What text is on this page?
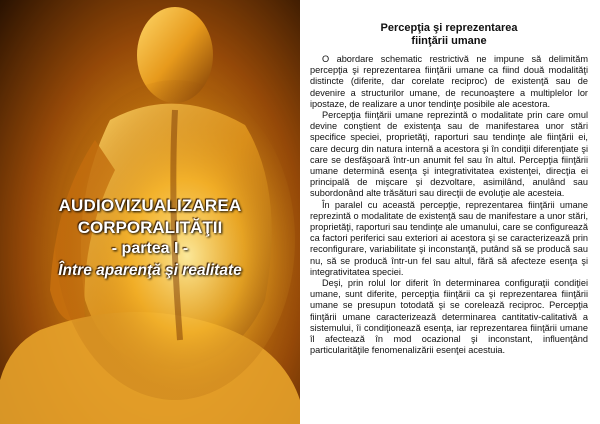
AUDIOVIZUALIZAREA
CORPORALITĂŢII
- partea I -
Între aparenţă şi realitate
Percepţia şi reprezentarea
fiinţării umane

O abordare schematic restrictivă ne impune să delimităm percepţia şi reprezentarea fiinţării umane ca fiind două modalităţi distincte (diferite, dar corelate reciproc) de existenţă sau de devenire a structurilor umane, de recunoaştere a multiplelor lor ipostaze, de realizare a unor tendinţe posibile ale acestora.

Percepţia fiinţării umane reprezintă o modalitate prin care omul devine conştient de existenţa sau de manifestarea unor stări specifice speciei, proprietăţi, raporturi sau tendinţe ale fiinţării ei, care decurg din natura internă a acestora şi în condiţii diferenţiate şi care se desfăşoară într-un anumit fel sau în altul. Percepţia fiinţării umane determină esenţa şi integrativitatea existenţei, direcţia ei principală de mişcare şi dezvoltare, asimilând, anulând sau subordonând alte trăsături sau direcţii de evoluţie ale acesteia.

În paralel cu această percepţie, reprezentarea fiinţării umane reprezintă o modalitate de existenţă sau de manifestare a unor stări, proprietăţi, raporturi sau tendinţe ale umanului, care se configurează ca factori periferici sau exteriori ai acestora şi se caracterizează prin reconfigurare, variabilitate şi inconstanţă, putând să se producă sau nu, să se producă într-un fel sau altul, fără să afecteze esenţa şi integrativitatea speciei.

Deşi, prin rolul lor diferit în determinarea configuraţii condiţiei umane, sunt diferite, percepţia fiinţării ca şi reprezentarea fiinţării umane se presupun totodată şi se corelează reciproc. Percepţia fiinţării umane caracterizează determinarea cantitativ-calitativă a sistemului, îi condiţionează esenţa, iar reprezentarea fiinţării umane îl afectează în mod ocazional şi inconstant, influenţând particularităţile fenomenalizării esenţei acestuia.
